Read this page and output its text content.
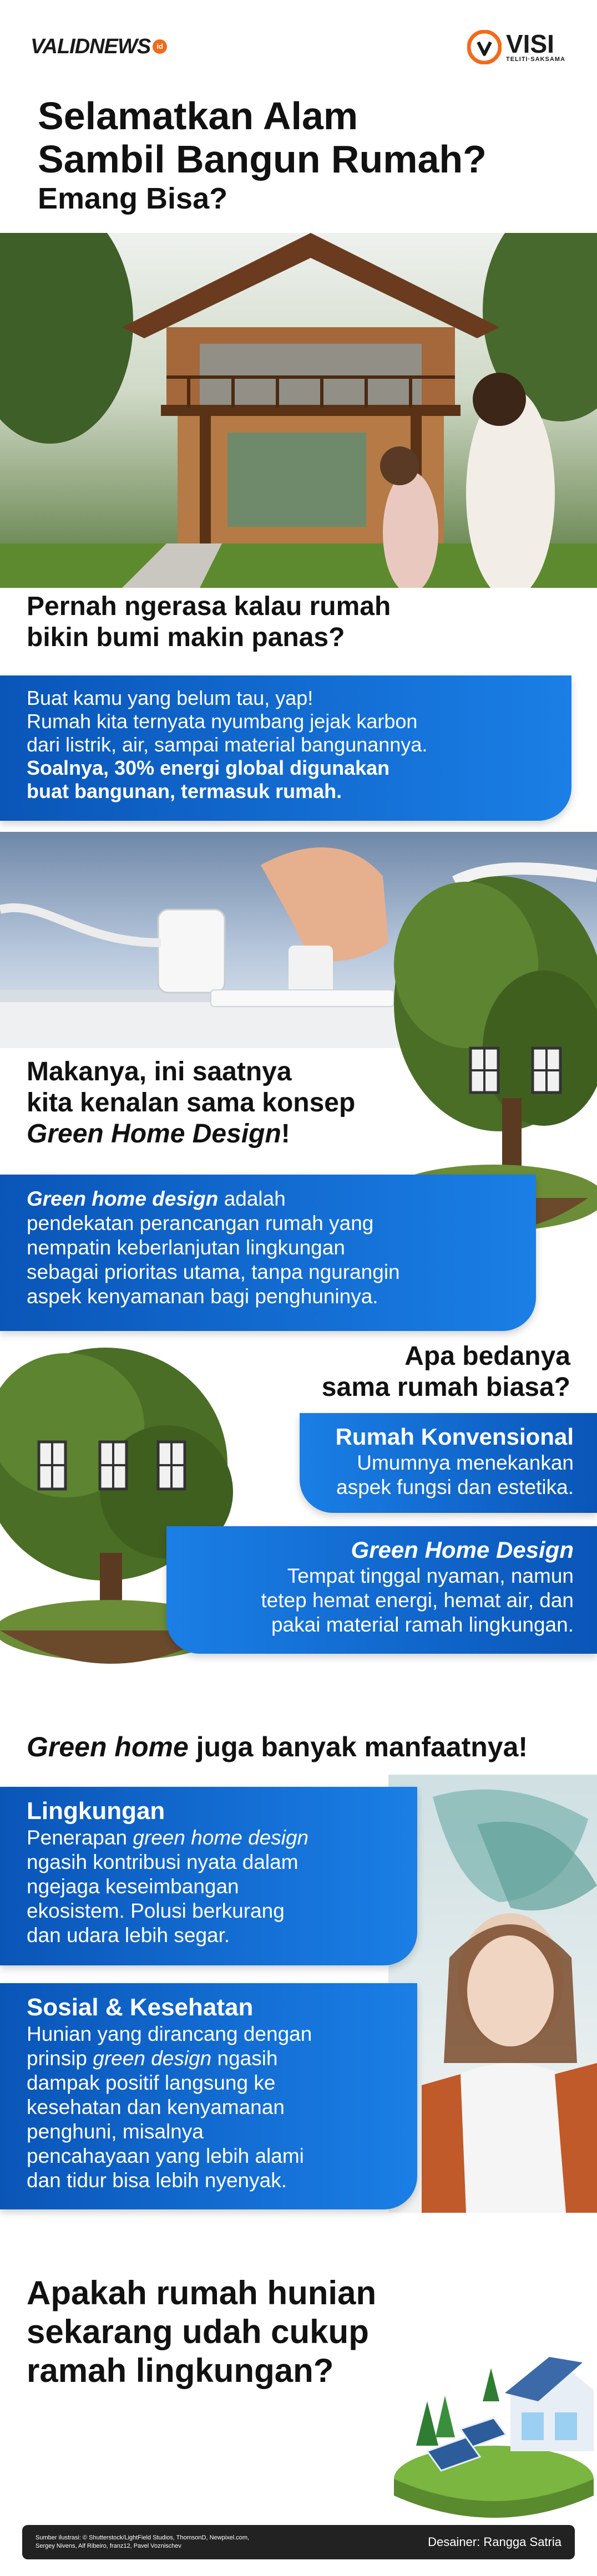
VALIDNEWS id	VISI
TELITI·SAKSAMA

Selamatkan Alam

Sambil Bangun Rumah?

Emang Bisa?

Pernah ngerasa kalau rumah

bikin bumi makin panas?

Buat kamu yang belum tau, yap!

Rumah kita ternyata nyumbang jejak karbon

dari listrik, air, sampai material bangunannya.

Soalnya, 30% energi global digunakan

buat bangunan, termasuk rumah.

Makanya, ini saatnya

kita kenalan sama konsep

Green Home Design!

Green home design adalah

pendekatan perancangan rumah yang

nempatin keberlanjutan lingkungan

sebagai prioritas utama, tanpa ngurangin

aspek kenyamanan bagi penghuninya.

Apa bedanya

sama rumah biasa?

Rumah Konvensional

Umumnya menekankan

aspek fungsi dan estetika.

Green Home Design

Tempat tinggal nyaman, namun

tetep hemat energi, hemat air, dan

pakai material ramah lingkungan.

Green home juga banyak manfaatnya!

Lingkungan

Penerapan green home design

ngasih kontribusi nyata dalam

ngejaga keseimbangan

ekosistem. Polusi berkurang

dan udara lebih segar.

Sosial & Kesehatan

Hunian yang dirancang dengan

prinsip green design ngasih

dampak positif langsung ke

kesehatan dan kenyamanan

penghuni, misalnya

pencahayaan yang lebih alami

dan tidur bisa lebih nyenyak.

Apakah rumah hunian

sekarang udah cukup

ramah lingkungan?

Sumber ilustrasi: © Shutterstock/LightField Studios, ThomsonD, Newpixel.com,

Sergey Nivens, Alf Ribeiro, franz12, Pavel Voznischev	Desainer: Rangga Satria
